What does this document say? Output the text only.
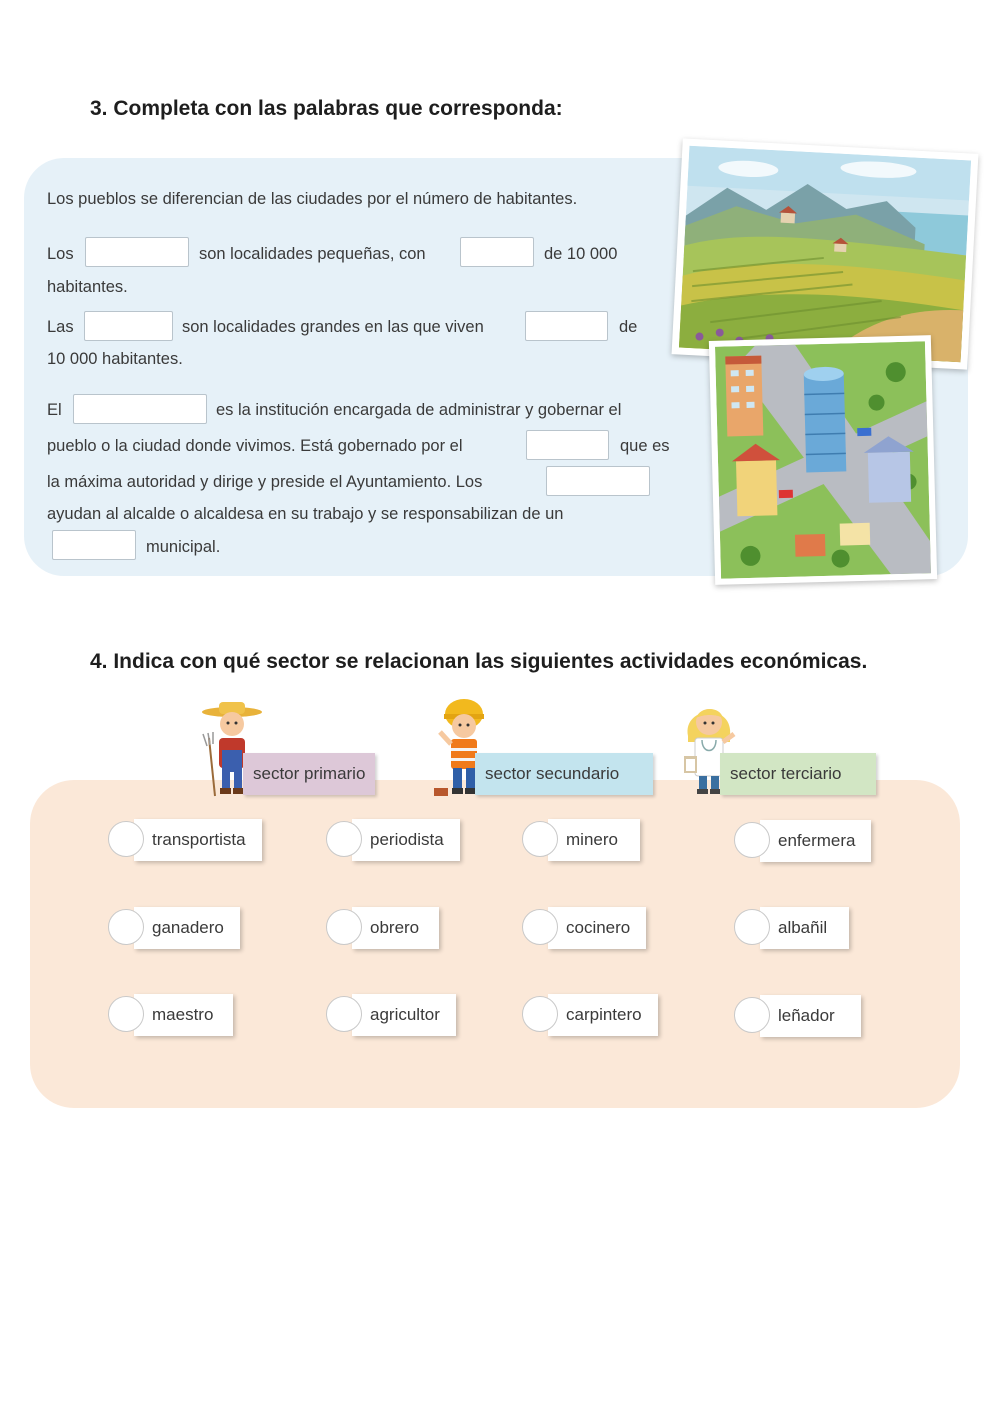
3. Completa con las palabras que corresponda:
Los pueblos se diferencian de las ciudades por el número de habitantes.
Los	son localidades pequeñas, con	de 10 000
habitantes.
Las	son localidades grandes en las que viven	de
10 000 habitantes.
El	es la institución encargada de administrar y gobernar el
pueblo o la ciudad donde vivimos. Está gobernado por el	que es
la máxima autoridad y dirige y preside el Ayuntamiento. Los
ayudan al alcalde o alcaldesa en su trabajo y se responsabilizan de un
municipal.
4. Indica con qué sector se relacionan las siguientes actividades económicas.
sector primario	sector secundario	sector terciario
transportista	periodista	minero	enfermera
ganadero	obrero	cocinero	albañil
maestro	agricultor	carpintero	leñador
